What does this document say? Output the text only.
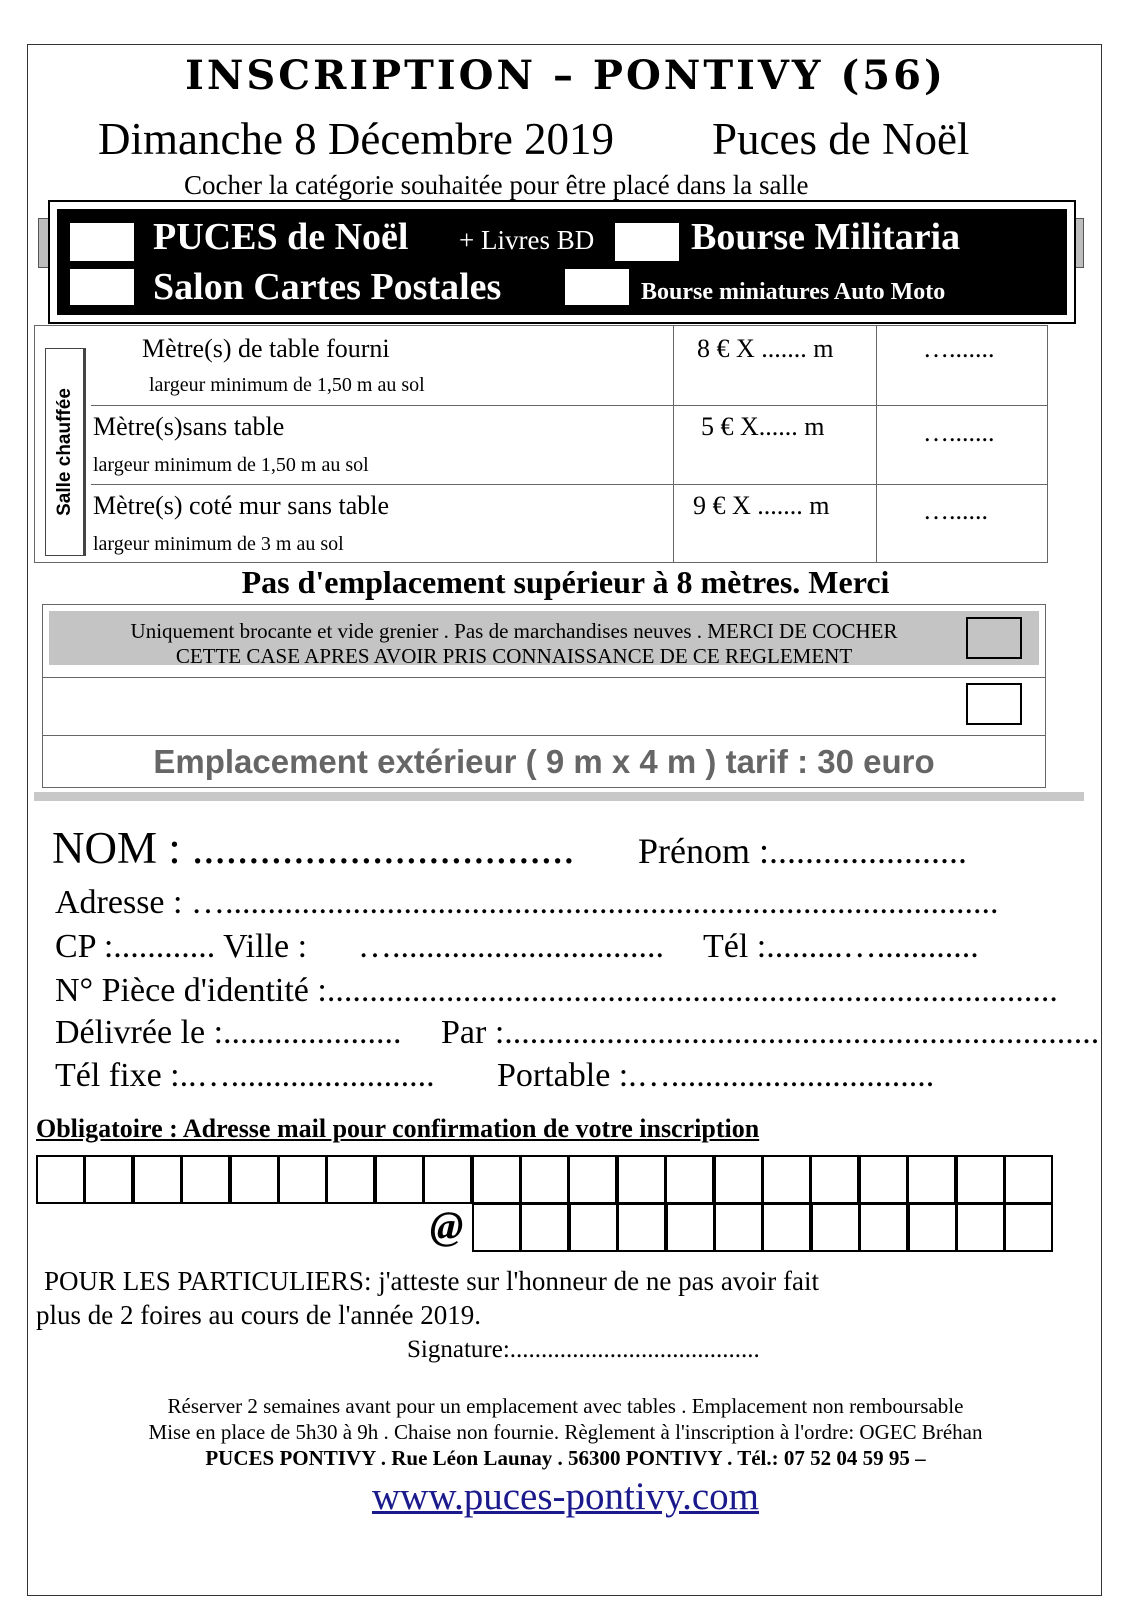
INSCRIPTION – PONTIVY (56)
Dimanche 8 Décembre 2019 Puces de Noël
Cocher la catégorie souhaitée pour être placé dans la salle
PUCES de Noël + Livres BD	Bourse Militaria
Salon Cartes Postales	Bourse miniatures Auto Moto
Salle chauffée
Mètre(s) de table fourni
largeur minimum de 1,50 m au sol
8 € X ....... m	….......
Mètre(s)sans table
largeur minimum de 1,50 m au sol
5 € X...... m	….......
Mètre(s) coté mur sans table
largeur minimum de 3 m au sol
9 € X ....... m	…......
Pas d'emplacement supérieur à 8 mètres. Merci
Uniquement brocante et vide grenier . Pas de marchandises neuves . MERCI DE COCHER CETTE CASE APRES AVOIR PRIS CONNAISSANCE DE CE REGLEMENT
Emplacement extérieur ( 9 m x 4 m ) tarif : 30 euro
NOM : .................................. Prénom :......................
Adresse : …...........................................................................................
CP :............ Ville : …................................ Tél :.........…............
N° Pièce d'identité :......................................................................................
Délivrée le :..................... Par :......................................................................
Tél fixe :..…........................ Portable :.…...............................
Obligatoire : Adresse mail pour confirmation de votre inscription
@
POUR LES PARTICULIERS: j'atteste sur l'honneur de ne pas avoir fait
plus de 2 foires au cours de l'année 2019.
Signature:........................................
Réserver 2 semaines avant pour un emplacement avec tables . Emplacement non remboursable
Mise en place de 5h30 à 9h . Chaise non fournie. Règlement à l'inscription à l'ordre: OGEC Bréhan
PUCES PONTIVY . Rue Léon Launay . 56300 PONTIVY . Tél.: 07 52 04 59 95 –
www.puces-pontivy.com
